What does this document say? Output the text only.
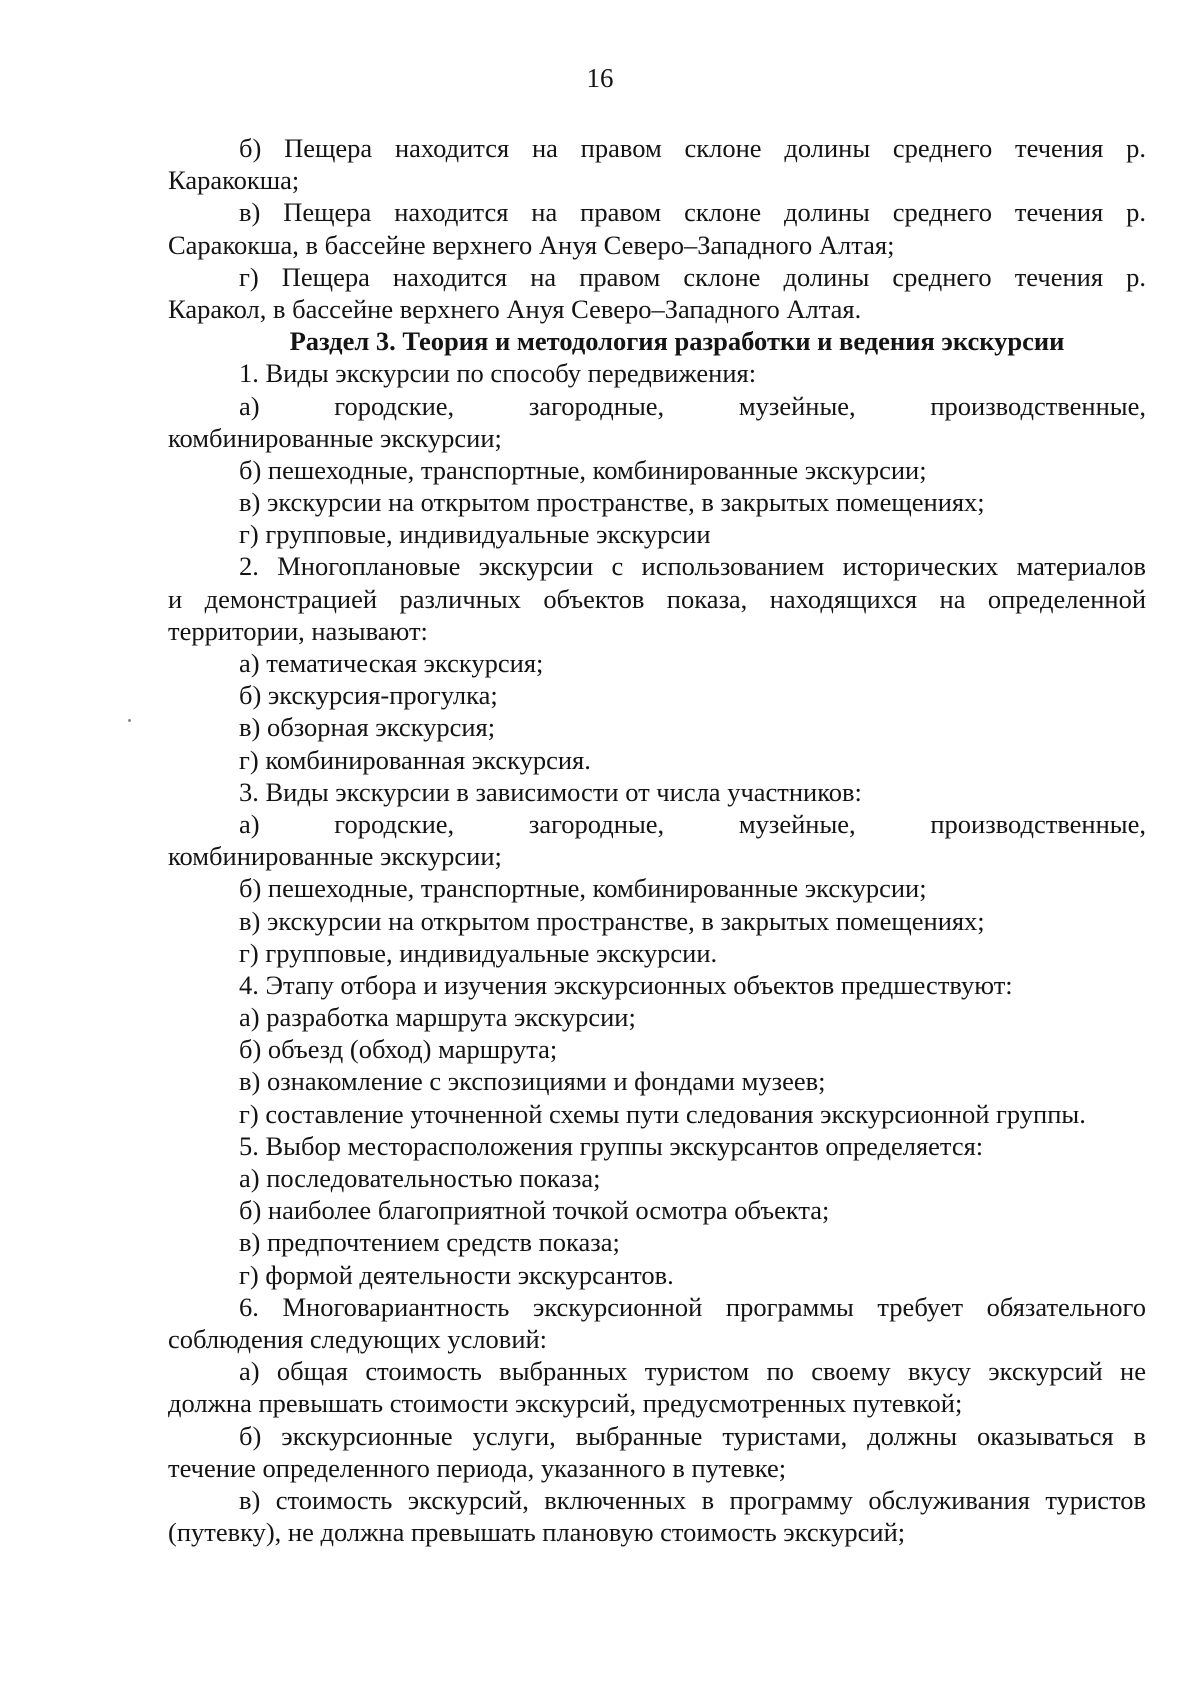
16
б) Пещера находится на правом склоне долины среднего течения р.
Каракокша;
в) Пещера находится на правом склоне долины среднего течения р.
Саракокша, в бассейне верхнего Ануя Северо–Западного Алтая;
г) Пещера находится на правом склоне долины среднего течения р.
Каракол, в бассейне верхнего Ануя Северо–Западного Алтая.
Раздел 3. Теория и методология разработки и ведения экскурсии
1. Виды экскурсии по способу передвижения:
а) городские, загородные, музейные, производственные,
комбинированные экскурсии;
б) пешеходные, транспортные, комбинированные экскурсии;
в) экскурсии на открытом пространстве, в закрытых помещениях;
г) групповые, индивидуальные экскурсии
2. Многоплановые экскурсии с использованием исторических материалов
и демонстрацией различных объектов показа, находящихся на определенной
территории, называют:
а) тематическая экскурсия;
б) экскурсия-прогулка;
в) обзорная экскурсия;
г) комбинированная экскурсия.
3. Виды экскурсии в зависимости от числа участников:
а) городские, загородные, музейные, производственные,
комбинированные экскурсии;
б) пешеходные, транспортные, комбинированные экскурсии;
в) экскурсии на открытом пространстве, в закрытых помещениях;
г) групповые, индивидуальные экскурсии.
4. Этапу отбора и изучения экскурсионных объектов предшествуют:
а) разработка маршрута экскурсии;
б) объезд (обход) маршрута;
в) ознакомление с экспозициями и фондами музеев;
г) составление уточненной схемы пути следования экскурсионной группы.
5. Выбор месторасположения группы экскурсантов определяется:
а) последовательностью показа;
б) наиболее благоприятной точкой осмотра объекта;
в) предпочтением средств показа;
г) формой деятельности экскурсантов.
6. Многовариантность экскурсионной программы требует обязательного
соблюдения следующих условий:
а) общая стоимость выбранных туристом по своему вкусу экскурсий не
должна превышать стоимости экскурсий, предусмотренных путевкой;
б) экскурсионные услуги, выбранные туристами, должны оказываться в
течение определенного периода, указанного в путевке;
в) стоимость экскурсий, включенных в программу обслуживания туристов
(путевку), не должна превышать плановую стоимость экскурсий;
